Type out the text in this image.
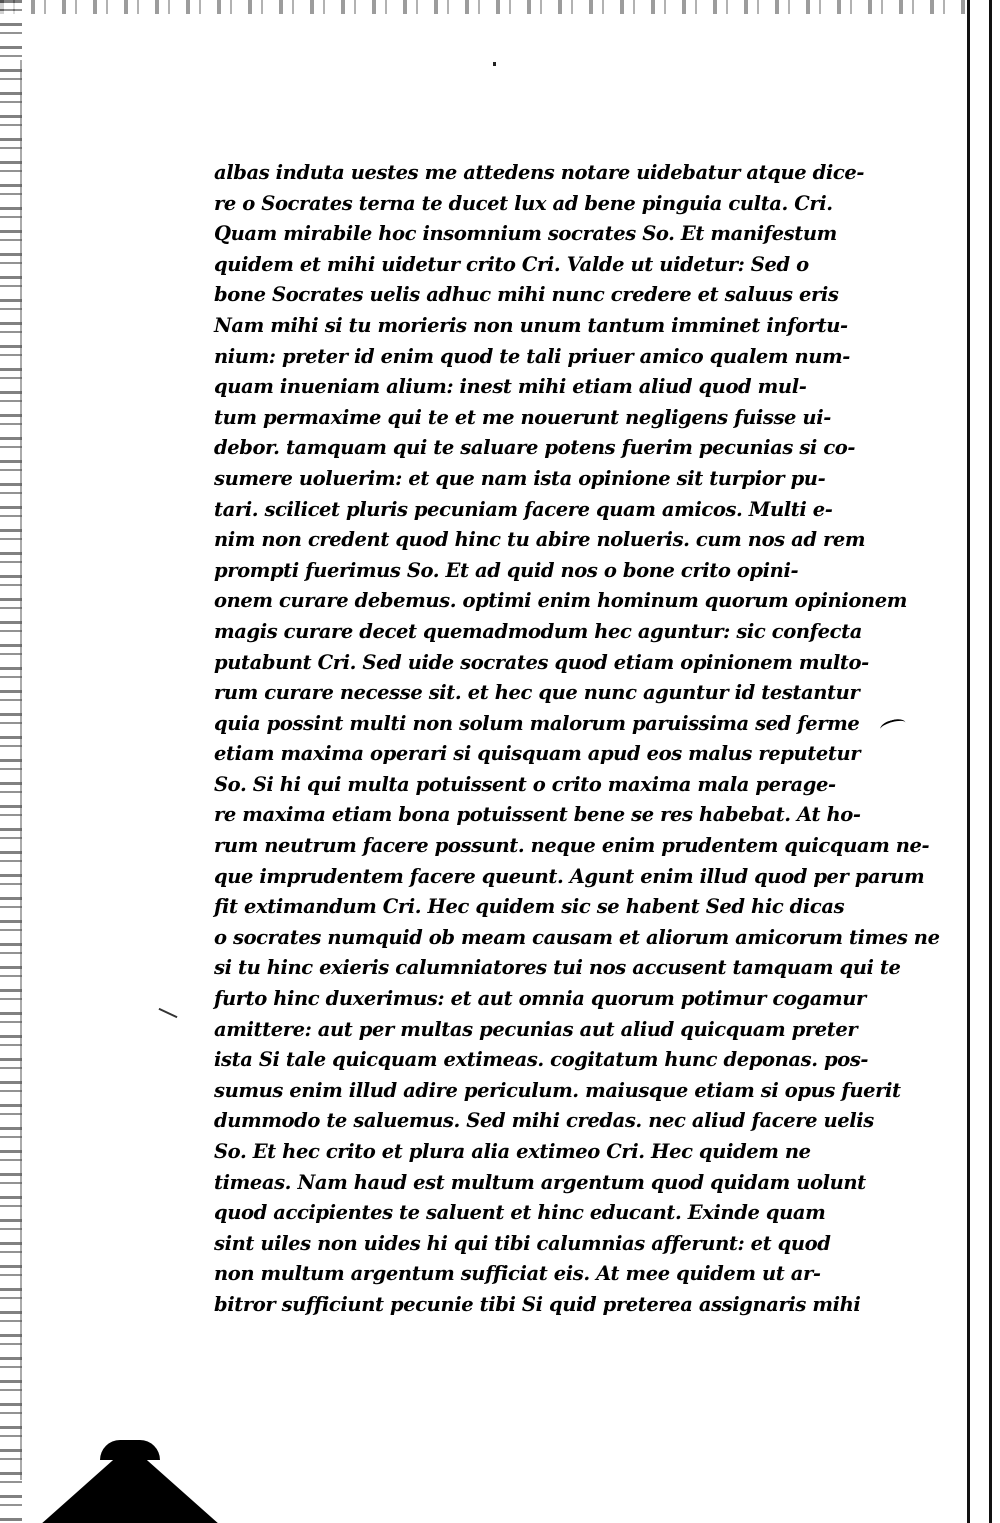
albas induta uestes me attedens notare uidebatur atque dice-
re o Socrates terna te ducet lux ad bene pinguia culta. Cri.
Quam mirabile hoc insomnium socrates So. Et manifestum
quidem et mihi uidetur crito Cri. Valde ut uidetur: Sed o
bone Socrates uelis adhuc mihi nunc credere et saluus eris
Nam mihi si tu morieris non unum tantum imminet infortu-
nium: preter id enim quod te tali priuer amico qualem num-
quam inueniam alium: inest mihi etiam aliud quod mul-
tum permaxime qui te et me nouerunt negligens fuisse ui-
debor. tamquam qui te saluare potens fuerim pecunias si co-
sumere uoluerim: et que nam ista opinione sit turpior pu-
tari. scilicet pluris pecuniam facere quam amicos. Multi e-
nim non credent quod hinc tu abire nolueris. cum nos ad rem
prompti fuerimus So. Et ad quid nos o bone crito opini-
onem curare debemus. optimi enim hominum quorum opinionem
magis curare decet quemadmodum hec aguntur: sic confecta
putabunt Cri. Sed uide socrates quod etiam opinionem multo-
rum curare necesse sit. et hec que nunc aguntur id testantur
quia possint multi non solum malorum paruissima sed ferme
etiam maxima operari si quisquam apud eos malus reputetur
So. Si hi qui multa potuissent o crito maxima mala perage-
re maxima etiam bona potuissent bene se res habebat. At ho-
rum neutrum facere possunt. neque enim prudentem quicquam ne-
que imprudentem facere queunt. Agunt enim illud quod per parum
fit extimandum Cri. Hec quidem sic se habent Sed hic dicas
o socrates numquid ob meam causam et aliorum amicorum times ne
si tu hinc exieris calumniatores tui nos accusent tamquam qui te
furto hinc duxerimus: et aut omnia quorum potimur cogamur
amittere: aut per multas pecunias aut aliud quicquam preter
ista Si tale quicquam extimeas. cogitatum hunc deponas. pos-
sumus enim illud adire periculum. maiusque etiam si opus fuerit
dummodo te saluemus. Sed mihi credas. nec aliud facere uelis
So. Et hec crito et plura alia extimeo Cri. Hec quidem ne
timeas. Nam haud est multum argentum quod quidam uolunt
quod accipientes te saluent et hinc educant. Exinde quam
sint uiles non uides hi qui tibi calumnias afferunt: et quod
non multum argentum sufficiat eis. At mee quidem ut ar-
bitror sufficiunt pecunie tibi Si quid preterea assignaris mihi
